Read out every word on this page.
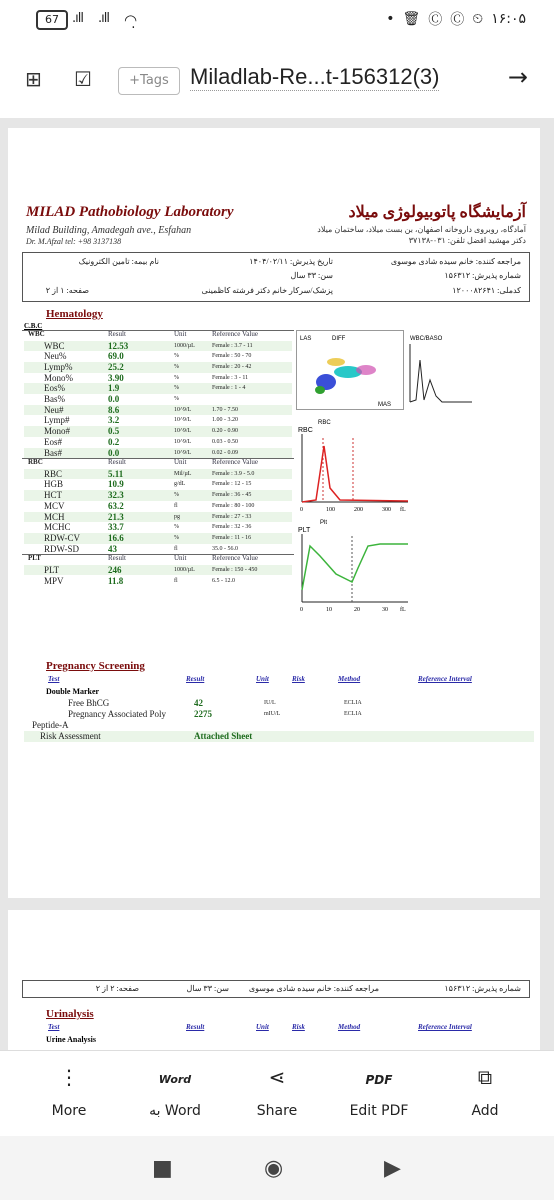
67	.ıll .ıll ◠̣	• 🗑 Ⓒ Ⓒ ⏲ ۱۶:۰۵
⊞ ☑	+Tags Miladlab-Re...t-156312(3)	→
MILAD Pathobiology Laboratory
Milad Building, Amadegah ave., Esfahan
Dr. M.Afzal tel: +98 3137138
آزمایشگاه پاتوبیولوژی میلاد
آمادگاه، روبروی داروخانه اصفهان، بن بست میلاد، ساختمان میلاد
دکتر مهشید افضل تلفن: ۰۳۱-۳۷۱۳۸
مراجعه کننده: خانم سیده شادی موسوی
تاریخ پذیرش: ۱۴۰۴/۰۲/۱۱
نام بیمه: تامین الکترونیک
شماره پذیرش: ۱۵۶۳۱۲
سن: ۳۳ سال
کدملی: ۱۲۰۰۰۸۲۶۴۱
پزشک/سرکار خانم دکتر فرشته کاظمینی
صفحه: ۱ از ۲
Hematology
C.B.C
LAS	DIFF
MAS
WBC/BASO
RBC
RBC
0	100	200	300 fL
Plt
PLT
0	10	20	30 fL
Pregnancy Screening
Test	Result	Unit	Risk	Method	Reference Interval
Double Marker
WBC	Result	Unit	Reference Value
WBC	12.53	1000/µL	Female : 3.7 - 11
Neu%	69.0	%	Female : 50 - 70
Lymp%	25.2	%	Female : 20 - 42
Mono%	3.90	%	Female : 3 - 11
Eos%	1.9	%	Female : 1 - 4
Bas%	0.0	%
Neu#	8.6	10^9/L	1.70 - 7.50
Lymp#	3.2	10^9/L	1.00 - 3.20
Mono#	0.5	10^9/L	0.20 - 0.90
Eos#	0.2	10^9/L	0.03 - 0.50
Bas#	0.0	10^9/L	0.02 - 0.09
RBC	Result	Unit	Reference Value
RBC	5.11	Mil/µL	Female : 3.9 - 5.0
HGB	10.9	g/dL	Female : 12 - 15
HCT	32.3	%	Female : 36 - 45
MCV	63.2	fl	Female : 80 - 100
MCH	21.3	pg	Female : 27 - 33
MCHC	33.7	%	Female : 32 - 36
RDW-CV	16.6	%	Female : 11 - 16
RDW-SD	43	fl	35.0 - 56.0
PLT	Result	Unit	Reference Value
PLT	246	1000/µL	Female : 150 - 450
MPV	11.8	fl	6.5 - 12.0
Free BhCG	42	IU/L	ECLIA
Pregnancy Associated Poly	2275	mIU/L	ECLIA
Peptide-A
Risk Assessment	Attached Sheet
شماره پذیرش: ۱۵۶۳۱۲
مراجعه کننده: خانم سیده شادی موسوی
سن: ۳۳ سال
صفحه: ۲ از ۲
Urinalysis
Test	Result	Unit	Risk	Method	Reference Interval
Urine Analysis
⋮
More
Word
به Word
⋖
Share
PDF
Edit PDF
⧉
Add
■	◉	▶
